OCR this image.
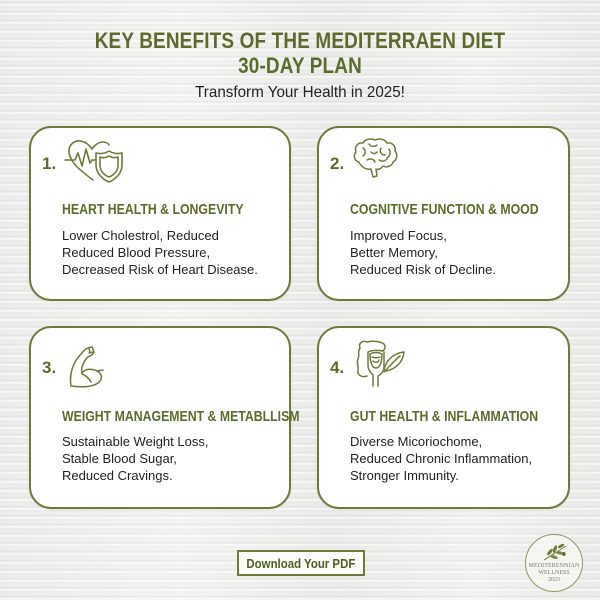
KEY BENEFITS OF THE MEDITERRAEN DIET
30-DAY PLAN
Transform Your Health in 2025!
1.
HEART HEALTH & LONGEVITY
Lower Cholestrol, Reduced
Reduced Blood Pressure,
Decreased Risk of Heart Disease.
2.
COGNITIVE FUNCTION & MOOD
Improved Focus,
Better Memory,
Reduced Risk of Decline.
3.
WEIGHT MANAGEMENT & METABLLISM
Sustainable Weight Loss,
Stable Blood Sugar,
Reduced Cravings.
4.
GUT HEALTH & INFLAMMATION
Diverse Micoriochome,
Reduced Chronic Inflammation,
Stronger Immunity.
Download Your PDF	MEDITERENNIAN
WELLNESS
2023
